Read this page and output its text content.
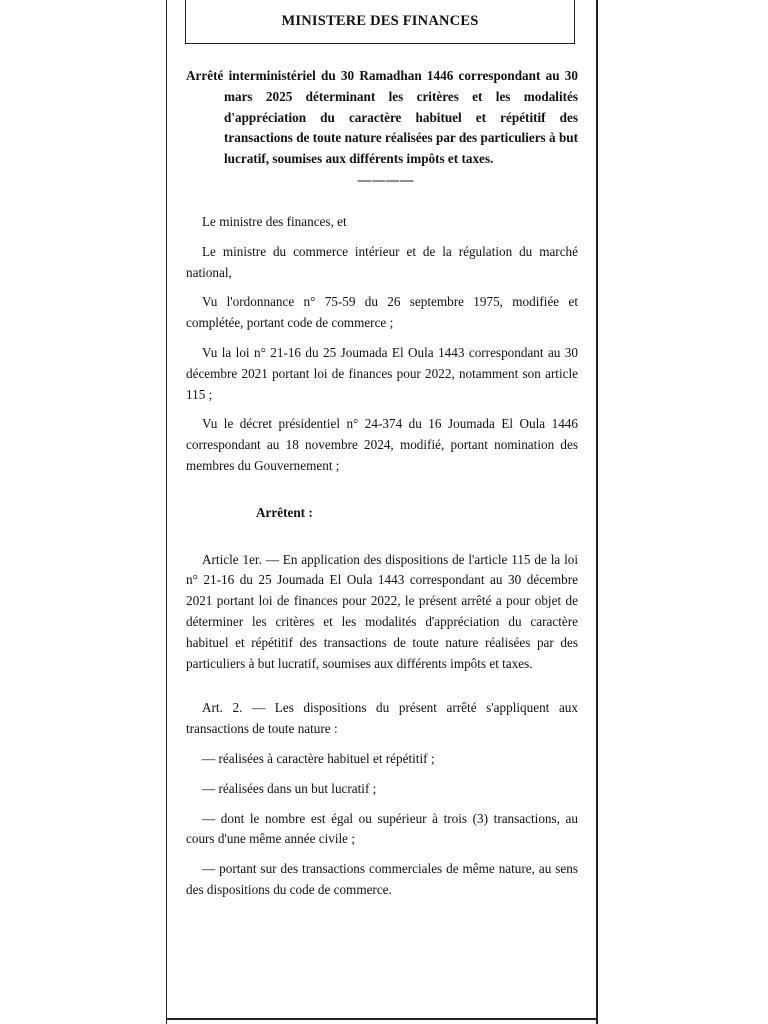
MINISTERE DES FINANCES

Arrêté interministériel du 30 Ramadhan 1446 correspondant au 30 mars 2025 déterminant les critères et les modalités d'appréciation du caractère habituel et répétitif des transactions de toute nature réalisées par des particuliers à but lucratif, soumises aux différents impôts et taxes.

————

Le ministre des finances, et

Le ministre du commerce intérieur et de la régulation du marché national,

Vu l'ordonnance n° 75-59 du 26 septembre 1975, modifiée et complétée, portant code de commerce ;

Vu la loi n° 21-16 du 25 Joumada El Oula 1443 correspondant au 30 décembre 2021 portant loi de finances pour 2022, notamment son article 115 ;

Vu le décret présidentiel n° 24-374 du 16 Joumada El Oula 1446 correspondant au 18 novembre 2024, modifié, portant nomination des membres du Gouvernement ;

Arrêtent :

Article 1er. — En application des dispositions de l'article 115 de la loi n° 21-16 du 25 Joumada El Oula 1443 correspondant au 30 décembre 2021 portant loi de finances pour 2022, le présent arrêté a pour objet de déterminer les critères et les modalités d'appréciation du caractère habituel et répétitif des transactions de toute nature réalisées par des particuliers à but lucratif, soumises aux différents impôts et taxes.

Art. 2. — Les dispositions du présent arrêté s'appliquent aux transactions de toute nature :

— réalisées à caractère habituel et répétitif ;

— réalisées dans un but lucratif ;

— dont le nombre est égal ou supérieur à trois (3) transactions, au cours d'une même année civile ;

— portant sur des transactions commerciales de même nature, au sens des dispositions du code de commerce.
